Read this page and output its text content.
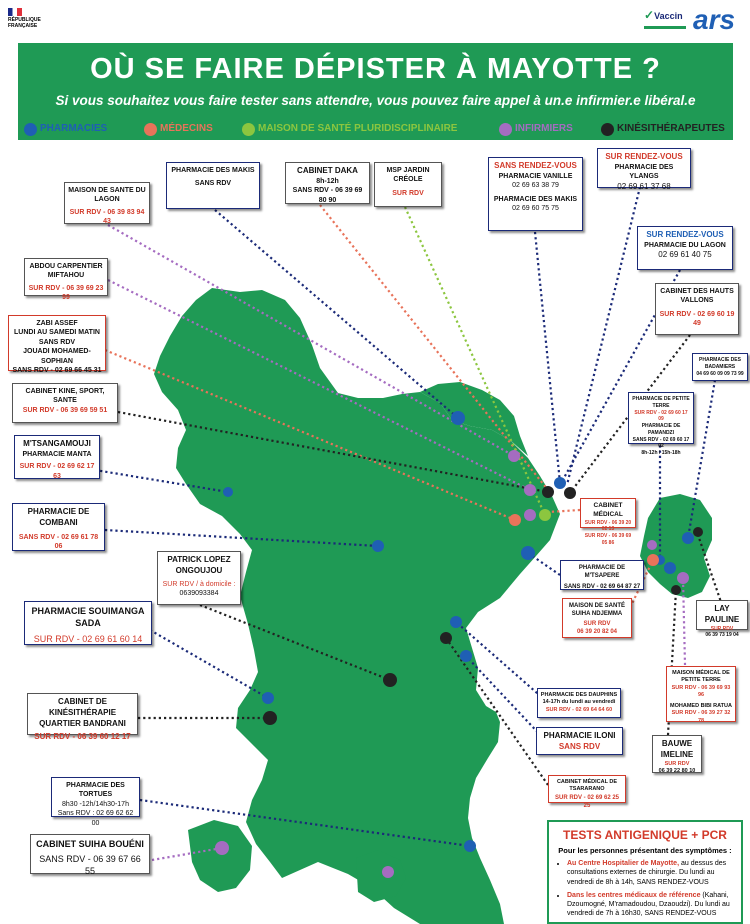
RÉPUBLIQUE FRANÇAISE
✓Vaccin ars
OÙ SE FAIRE DÉPISTER À MAYOTTE ?
Si vous souhaitez vous faire tester sans attendre, vous pouvez faire appel à un.e infirmier.e libéral.e
PHARMACIES	MÉDECINS	MAISON DE SANTÉ PLURIDISCIPLINAIRE	INFIRMIERS	KINÉSITHÉRAPEUTES
PHARMACIE DES MAKIS
SANS RDV
CABINET DAKA
8h-12h
SANS RDV - 06 39 69 80 90
MSP JARDIN CRÉOLE
SUR RDV
SANS RENDEZ-VOUS
PHARMACIE VANILLE
02 69 63 38 79
PHARMACIE DES MAKIS
02 69 60 75 75
SUR RENDEZ-VOUS
PHARMACIE DES YLANGS
02 69 61 37 68
SUR RENDEZ-VOUS
PHARMACIE DU LAGON
02 69 61 40 75
CABINET DES HAUTS VALLONS
SUR RDV - 02 69 60 19 49
PHARMACIE DES BADAMIERS
04 69 60 09 09 73 99
MAISON DE SANTE DU LAGON
SUR RDV - 06 39 83 94 43
ABDOU CARPENTIER MIFTAHOU
SUR RDV - 06 39 69 23 99
ZABI ASSEF
LUNDI AU SAMEDI MATIN
SANS RDV
JOUADI MOHAMED-SOPHIAN
SANS RDV - 02 69 66 45 31
CABINET KINE, SPORT, SANTE
SUR RDV - 06 39 69 59 51
M'TSANGAMOUJI
PHARMACIE MANTA
SUR RDV - 02 69 62 17 63
PHARMACIE DE COMBANI
SANS RDV - 02 69 61 78 06
PATRICK LOPEZ ONGOUJOU
SUR RDV / à domicile :
0639093384
PHARMACIE DE PETITE TERRE
SUR RDV - 02 69 60 17 09
PHARMACIE DE PAMANDZI
SANS RDV - 02 69 60 17 02
8h-12h / 15h-18h
CABINET MÉDICAL
SUR RDV - 06 39 20 02 13
SUR RDV - 06 39 69 05 86
PHARMACIE DE M'TSAPERE
SANS RDV - 02 69 64 87 27
MAISON DE SANTÉ SUIHA NDJEMMA
SUR RDV
06 39 20 82 04
LAY PAULINE
SUR RDV
06 39 73 19 04
PHARMACIE SOUIMANGA SADA
SUR RDV - 02 69 61 60 14
PHARMACIE DES DAUPHINS
14-17h du lundi au vendredi
SUR RDV - 02 69 64 64 60
PHARMACIE ILONI
SANS RDV
MAISON MÉDICAL DE PETITE TERRE
SUR RDV - 06 39 69 93 96
MOHAMED BIBI RATUA
SUR RDV - 06 39 27 32 78
BAUWE IMELINE
SUR RDV
06 39 22 80 10
CABINET DE KINÉSITHÉRAPIE QUARTIER BANDRANI
SUR RDV - 06 39 60 12 17
PHARMACIE DES TORTUES
8h30 -12h/14h30-17h
Sans RDV : 02 69 62 62 00
CABINET MÉDICAL DE TSARARANO
SUR RDV - 02 69 62 25 25
CABINET SUIHA BOUÉNI
SANS RDV - 06 39 67 66 55
TESTS ANTIGENIQUE + PCR
Pour les personnes présentant des symptômes :
• Au Centre Hospitalier de Mayotte, au dessus des consultations externes de chirurgie. Du lundi au vendredi de 8h à 14h, SANS RENDEZ-VOUS
• Dans les centres médicaux de référence (Kahani, Dzoumogné, M'ramadoudou, Dzaoudzi). Du lundi au vendredi de 7h à 16h30, SANS RENDEZ-VOUS
